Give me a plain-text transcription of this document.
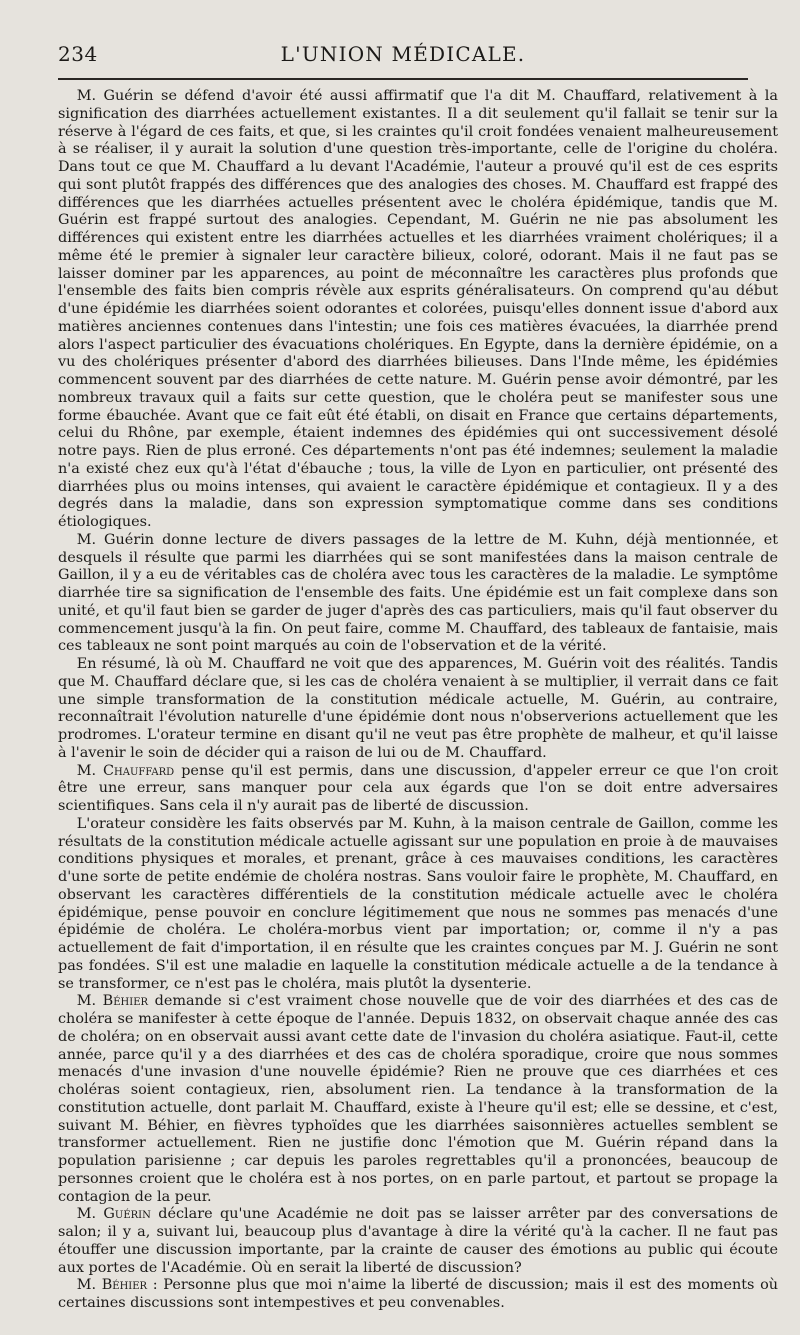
234	L'UNION MÉDICALE.

M. Guérin se défend d'avoir été aussi affirmatif que l'a dit M. Chauffard, relativement à la signification des diarrhées actuellement existantes. Il a dit seulement qu'il fallait se tenir sur la réserve à l'égard de ces faits, et que, si les craintes qu'il croit fondées venaient malheureusement à se réaliser, il y aurait la solution d'une question très-importante, celle de l'origine du choléra. Dans tout ce que M. Chauffard a lu devant l'Académie, l'auteur a prouvé qu'il est de ces esprits qui sont plutôt frappés des différences que des analogies des choses. M. Chauffard est frappé des différences que les diarrhées actuelles présentent avec le choléra épidémique, tandis que M. Guérin est frappé surtout des analogies. Cependant, M. Guérin ne nie pas absolument les différences qui existent entre les diarrhées actuelles et les diarrhées vraiment cholériques; il a même été le premier à signaler leur caractère bilieux, coloré, odorant. Mais il ne faut pas se laisser dominer par les apparences, au point de méconnaître les caractères plus profonds que l'ensemble des faits bien compris révèle aux esprits généralisateurs. On comprend qu'au début d'une épidémie les diarrhées soient odorantes et colorées, puisqu'elles donnent issue d'abord aux matières anciennes contenues dans l'intestin; une fois ces matières évacuées, la diarrhée prend alors l'aspect particulier des évacuations cholériques. En Egypte, dans la dernière épidémie, on a vu des cholériques présenter d'abord des diarrhées bilieuses. Dans l'Inde même, les épidémies commencent souvent par des diarrhées de cette nature. M. Guérin pense avoir démontré, par les nombreux travaux quil a faits sur cette question, que le choléra peut se manifester sous une forme ébauchée. Avant que ce fait eût été établi, on disait en France que certains départements, celui du Rhône, par exemple, étaient indemnes des épidémies qui ont successivement désolé notre pays. Rien de plus erroné. Ces départements n'ont pas été indemnes; seulement la maladie n'a existé chez eux qu'à l'état d'ébauche ; tous, la ville de Lyon en particulier, ont présenté des diarrhées plus ou moins intenses, qui avaient le caractère épidémique et contagieux. Il y a des degrés dans la maladie, dans son expression symptomatique comme dans ses conditions étiologiques.

M. Guérin donne lecture de divers passages de la lettre de M. Kuhn, déjà mentionnée, et desquels il résulte que parmi les diarrhées qui se sont manifestées dans la maison centrale de Gaillon, il y a eu de véritables cas de choléra avec tous les caractères de la maladie. Le symptôme diarrhée tire sa signification de l'ensemble des faits. Une épidémie est un fait complexe dans son unité, et qu'il faut bien se garder de juger d'après des cas particuliers, mais qu'il faut observer du commencement jusqu'à la fin. On peut faire, comme M. Chauffard, des tableaux de fantaisie, mais ces tableaux ne sont point marqués au coin de l'observation et de la vérité.

En résumé, là où M. Chauffard ne voit que des apparences, M. Guérin voit des réalités. Tandis que M. Chauffard déclare que, si les cas de choléra venaient à se multiplier, il verrait dans ce fait une simple transformation de la constitution médicale actuelle, M. Guérin, au contraire, reconnaîtrait l'évolution naturelle d'une épidémie dont nous n'observerions actuellement que les prodromes. L'orateur termine en disant qu'il ne veut pas être prophète de malheur, et qu'il laisse à l'avenir le soin de décider qui a raison de lui ou de M. Chauffard.

M. Chauffard pense qu'il est permis, dans une discussion, d'appeler erreur ce que l'on croit être une erreur, sans manquer pour cela aux égards que l'on se doit entre adversaires scientifiques. Sans cela il n'y aurait pas de liberté de discussion.

L'orateur considère les faits observés par M. Kuhn, à la maison centrale de Gaillon, comme les résultats de la constitution médicale actuelle agissant sur une population en proie à de mauvaises conditions physiques et morales, et prenant, grâce à ces mauvaises conditions, les caractères d'une sorte de petite endémie de choléra nostras. Sans vouloir faire le prophète, M. Chauffard, en observant les caractères différentiels de la constitution médicale actuelle avec le choléra épidémique, pense pouvoir en conclure légitimement que nous ne sommes pas menacés d'une épidémie de choléra. Le choléra-morbus vient par importation; or, comme il n'y a pas actuellement de fait d'importation, il en résulte que les craintes conçues par M. J. Guérin ne sont pas fondées. S'il est une maladie en laquelle la constitution médicale actuelle a de la tendance à se transformer, ce n'est pas le choléra, mais plutôt la dysenterie.

M. Béhier demande si c'est vraiment chose nouvelle que de voir des diarrhées et des cas de choléra se manifester à cette époque de l'année. Depuis 1832, on observait chaque année des cas de choléra; on en observait aussi avant cette date de l'invasion du choléra asiatique. Faut-il, cette année, parce qu'il y a des diarrhées et des cas de choléra sporadique, croire que nous sommes menacés d'une invasion d'une nouvelle épidémie? Rien ne prouve que ces diarrhées et ces choléras soient contagieux, rien, absolument rien. La tendance à la transformation de la constitution actuelle, dont parlait M. Chauffard, existe à l'heure qu'il est; elle se dessine, et c'est, suivant M. Béhier, en fièvres typhoïdes que les diarrhées saisonnières actuelles semblent se transformer actuellement. Rien ne justifie donc l'émotion que M. Guérin répand dans la population parisienne ; car depuis les paroles regrettables qu'il a prononcées, beaucoup de personnes croient que le choléra est à nos portes, on en parle partout, et partout se propage la contagion de la peur.

M. Guérin déclare qu'une Académie ne doit pas se laisser arrêter par des conversations de salon; il y a, suivant lui, beaucoup plus d'avantage à dire la vérité qu'à la cacher. Il ne faut pas étouffer une discussion importante, par la crainte de causer des émotions au public qui écoute aux portes de l'Académie. Où en serait la liberté de discussion?

M. Béhier : Personne plus que moi n'aime la liberté de discussion; mais il est des moments où certaines discussions sont intempestives et peu convenables.
